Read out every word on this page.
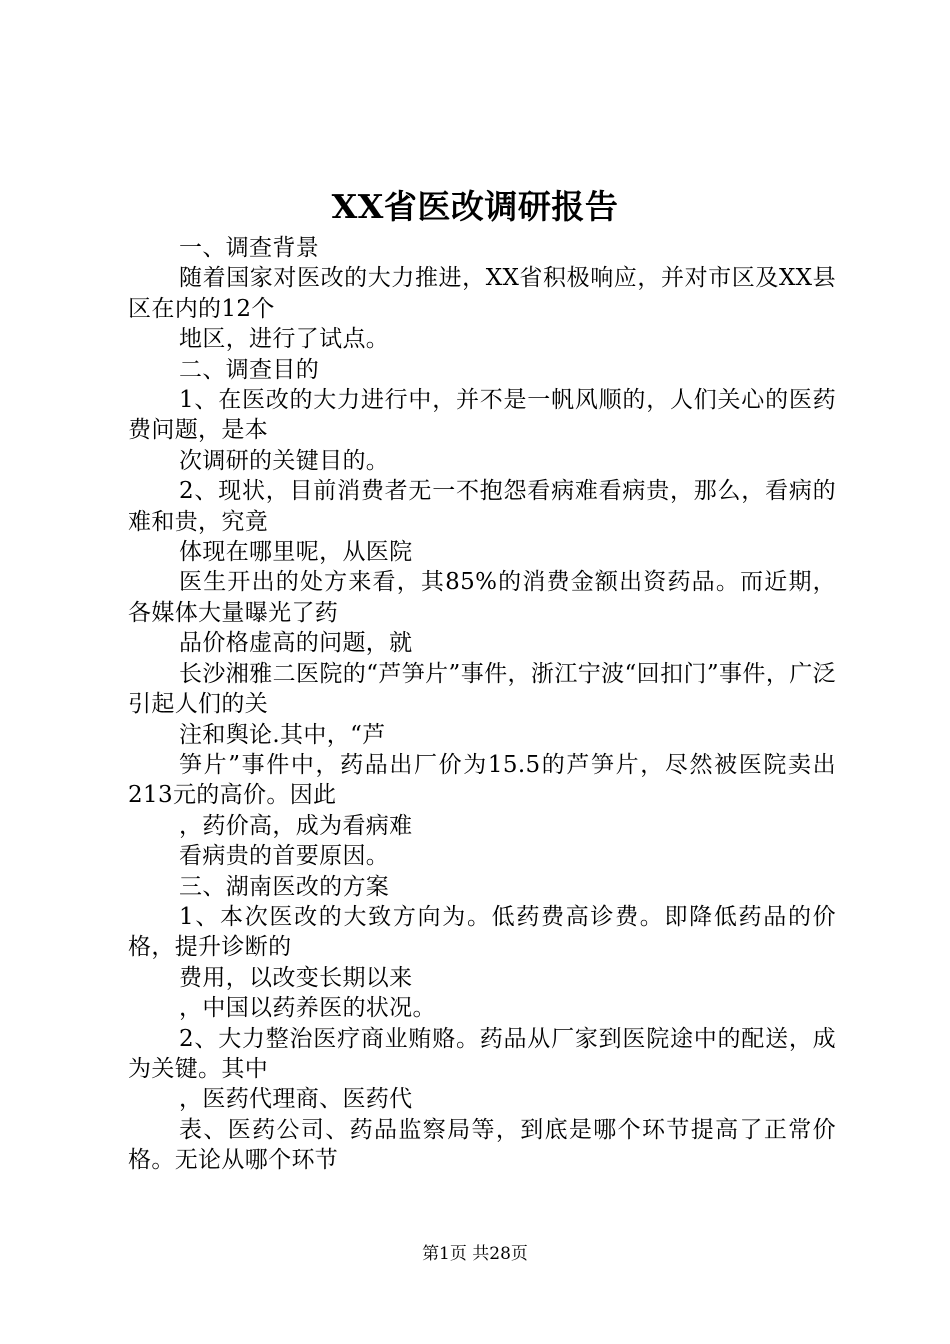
XX省医改调研报告

一、调查背景

随着国家对医改的大力推进，XX省积极响应，并对市区及XX县区在内的12个

地区，进行了试点。

二、调查目的

1、在医改的大力进行中，并不是一帆风顺的，人们关心的医药费问题，是本

次调研的关键目的。

2、现状，目前消费者无一不抱怨看病难看病贵，那么，看病的难和贵，究竟

体现在哪里呢，从医院

医生开出的处方来看，其85%的消费金额出资药品。而近期，各媒体大量曝光了药

品价格虚高的问题，就

长沙湘雅二医院的“芦笋片”事件，浙江宁波“回扣门”事件，广泛引起人们的关

注和舆论.其中，“芦

笋片”事件中，药品出厂价为15.5的芦笋片，尽然被医院卖出213元的高价。因此

，药价高，成为看病难

看病贵的首要原因。

三、湖南医改的方案

1、本次医改的大致方向为。低药费高诊费。即降低药品的价格，提升诊断的

费用，以改变长期以来

，中国以药养医的状况。

2、大力整治医疗商业贿赂。药品从厂家到医院途中的配送，成为关键。其中

，医药代理商、医药代

表、医药公司、药品监察局等，到底是哪个环节提高了正常价格。无论从哪个环节

第1页 共28页
